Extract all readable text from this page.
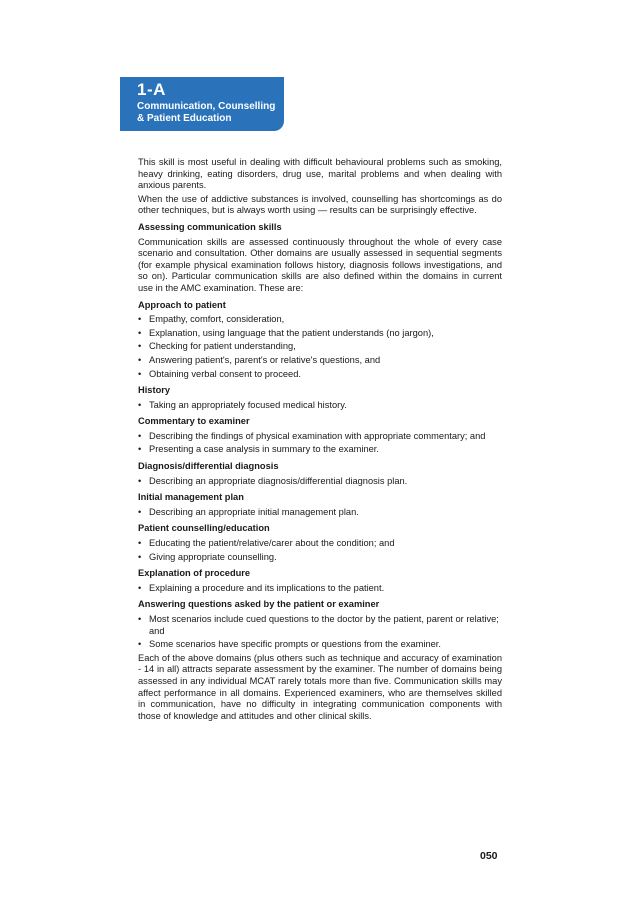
1-A
Communication, Counselling
& Patient Education

This skill is most useful in dealing with difficult behavioural problems such as smoking, heavy drinking, eating disorders, drug use, marital problems and when dealing with anxious parents.

When the use of addictive substances is involved, counselling has shortcomings as do other techniques, but is always worth using — results can be surprisingly effective.

Assessing communication skills

Communication skills are assessed continuously throughout the whole of every case scenario and consultation. Other domains are usually assessed in sequential segments (for example physical examination follows history, diagnosis follows investigations, and so on). Particular communication skills are also defined within the domains in current use in the AMC examination. These are:

Approach to patient
• Empathy, comfort, consideration,
• Explanation, using language that the patient understands (no jargon),
• Checking for patient understanding,
• Answering patient's, parent's or relative's questions, and
• Obtaining verbal consent to proceed.
History
• Taking an appropriately focused medical history.
Commentary to examiner
• Describing the findings of physical examination with appropriate commentary; and
• Presenting a case analysis in summary to the examiner.
Diagnosis/differential diagnosis
• Describing an appropriate diagnosis/differential diagnosis plan.
Initial management plan
• Describing an appropriate initial management plan.
Patient counselling/education
• Educating the patient/relative/carer about the condition; and
• Giving appropriate counselling.
Explanation of procedure
• Explaining a procedure and its implications to the patient.
Answering questions asked by the patient or examiner
• Most scenarios include cued questions to the doctor by the patient, parent or relative; and
• Some scenarios have specific prompts or questions from the examiner.

Each of the above domains (plus others such as technique and accuracy of examination - 14 in all) attracts separate assessment by the examiner. The number of domains being assessed in any individual MCAT rarely totals more than five. Communication skills may affect performance in all domains. Experienced examiners, who are themselves skilled in communication, have no difficulty in integrating communication components with those of knowledge and attitudes and other clinical skills.

050
